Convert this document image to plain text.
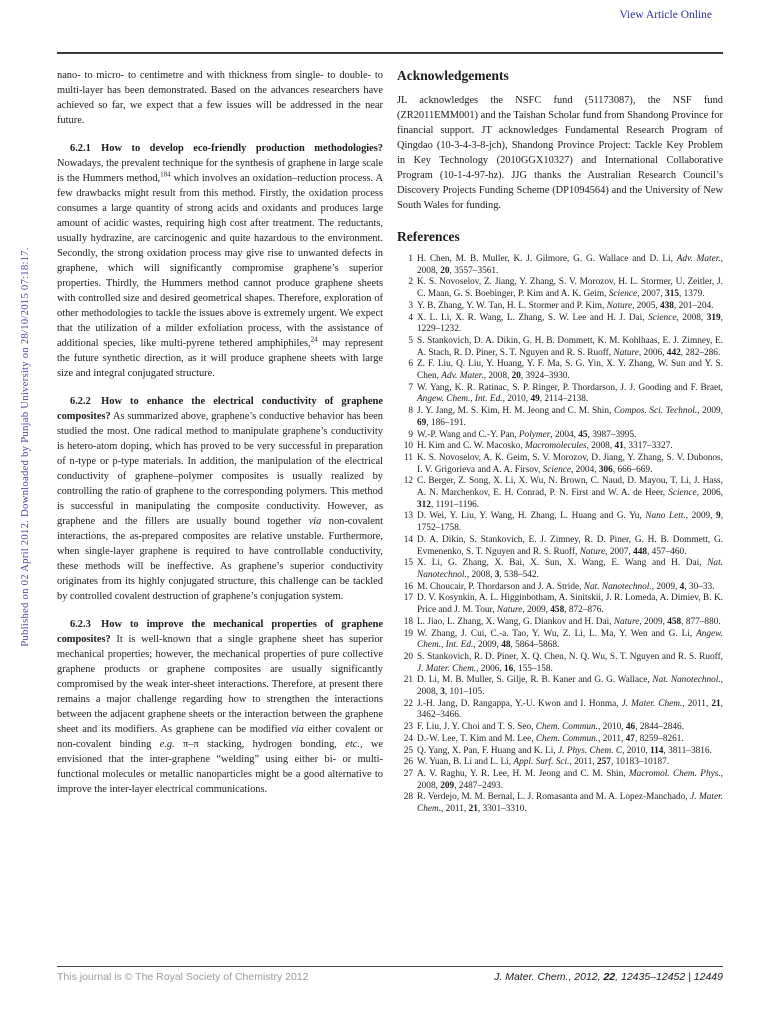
Published on 02 April 2012. Downloaded by Punjab University on 28/10/2015 07:18:17.
View Article Online

nano- to micro- to centimetre and with thickness from single- to double- to multi-layer has been demonstrated. Based on the advances researchers have achieved so far, we expect that a few issues will be addressed in the near future.

6.2.1 How to develop eco-friendly production methodologies? Nowadays, the prevalent technique for the synthesis of graphene in large scale is the Hummers method,$^{184}$ which involves an oxidation–reduction process. A few drawbacks might result from this method. Firstly, the oxidation process consumes a large quantity of strong acids and oxidants and produces large amount of acidic wastes, requiring high cost after treatment. The reductants, usually hydrazine, are carcinogenic and quite hazardous to the environment. Secondly, the strong oxidation process may give rise to unwanted defects in graphene, which will significantly compromise graphene’s superior properties. Thirdly, the Hummers method cannot produce graphene sheets with controlled size and desired geometrical shapes. Therefore, exploration of other methodologies to tackle the issues above is extremely urgent. We expect that the utilization of a milder exfoliation process, with the assistance of additional species, like multi-pyrene tethered amphiphiles,$^{24}$ may represent the future synthetic direction, as it will produce graphene sheets with large size and integral conjugated structure.

6.2.2 How to enhance the electrical conductivity of graphene composites? As summarized above, graphene’s conductive behavior has been studied the most. One radical method to manipulate graphene’s conductivity is hetero-atom doping, which has proved to be very successful in preparation of n-type or p-type materials. In addition, the manipulation of the electrical conductivity of graphene–polymer composites is usually realized by controlling the ratio of graphene to the corresponding polymers. This method is successful in manipulating the composite conductivity. However, as graphene and the fillers are usually bound together via non-covalent interactions, the as-prepared composites are relative unstable. Furthermore, when single-layer graphene is required to have controllable conductivity, these methods will be ineffective. As graphene’s superior conductivity originates from its highly conjugated structure, this challenge can be tackled by controlled covalent destruction of graphene’s conjugation system.

6.2.3 How to improve the mechanical properties of graphene composites? It is well-known that a single graphene sheet has superior mechanical properties; however, the mechanical properties of pure collective graphene products or graphene composites are usually significantly compromised by the weak inter-sheet interactions. Therefore, at present there remains a major challenge regarding how to strengthen the interactions between the adjacent graphene sheets or the interaction between the graphene sheet and its modifiers. As graphene can be modified via either covalent or non-covalent binding e.g. π–π stacking, hydrogen bonding, etc., we envisioned that the inter-graphene “welding” using either bi- or multi-functional molecules or metallic nanoparticles might be a good alternative to improve the inter-layer electrical communications.

Acknowledgements

JL acknowledges the NSFC fund (51173087), the NSF fund (ZR2011EMM001) and the Taishan Scholar fund from Shandong Province for financial support. JT acknowledges Fundamental Research Program of Qingdao (10-3-4-3-8-jch), Shandong Province Project: Tackle Key Problem in Key Technology (2010GGX10327) and International Collaborative Program (10-1-4-97-hz). JJG thanks the Australian Research Council’s Discovery Projects Funding Scheme (DP1094564) and the University of New South Wales for funding.

References
1 H. Chen, M. B. Muller, K. J. Gilmore, G. G. Wallace and D. Li, Adv. Mater., 2008, 20, 3557–3561.
2 K. S. Novoselov, Z. Jiang, Y. Zhang, S. V. Morozov, H. L. Stormer, U. Zeitler, J. C. Maan, G. S. Boebinger, P. Kim and A. K. Geim, Science, 2007, 315, 1379.
3 Y. B. Zhang, Y. W. Tan, H. L. Stormer and P. Kim, Nature, 2005, 438, 201–204.
4 X. L. Li, X. R. Wang, L. Zhang, S. W. Lee and H. J. Dai, Science, 2008, 319, 1229–1232.
5 S. Stankovich, D. A. Dikin, G. H. B. Dommett, K. M. Kohlhaas, E. J. Zimney, E. A. Stach, R. D. Piner, S. T. Nguyen and R. S. Ruoff, Nature, 2006, 442, 282–286.
6 Z. F. Liu, Q. Liu, Y. Huang, Y. F. Ma, S. G. Yin, X. Y. Zhang, W. Sun and Y. S. Chen, Adv. Mater., 2008, 20, 3924–3930.
7 W. Yang, K. R. Ratinac, S. P. Ringer, P. Thordarson, J. J. Gooding and F. Braet, Angew. Chem., Int. Ed., 2010, 49, 2114–2138.
8 J. Y. Jang, M. S. Kim, H. M. Jeong and C. M. Shin, Compos. Sci. Technol., 2009, 69, 186–191.
9 W.-P. Wang and C.-Y. Pan, Polymer, 2004, 45, 3987–3995.
10 H. Kim and C. W. Macosko, Macromolecules, 2008, 41, 3317–3327.
11 K. S. Novoselov, A. K. Geim, S. V. Morozov, D. Jiang, Y. Zhang, S. V. Dubonos, I. V. Grigorieva and A. A. Firsov, Science, 2004, 306, 666–669.
12 C. Berger, Z. Song, X. Li, X. Wu, N. Brown, C. Naud, D. Mayou, T. Li, J. Hass, A. N. Marchenkov, E. H. Conrad, P. N. First and W. A. de Heer, Science, 2006, 312, 1191–1196.
13 D. Wei, Y. Liu, Y. Wang, H. Zhang, L. Huang and G. Yu, Nano Lett., 2009, 9, 1752–1758.
14 D. A. Dikin, S. Stankovich, E. J. Zimney, R. D. Piner, G. H. B. Dommett, G. Evmenenko, S. T. Nguyen and R. S. Ruoff, Nature, 2007, 448, 457–460.
15 X. Li, G. Zhang, X. Bai, X. Sun, X. Wang, E. Wang and H. Dai, Nat. Nanotechnol., 2008, 3, 538–542.
16 M. Choucair, P. Thordarson and J. A. Stride, Nat. Nanotechnol., 2009, 4, 30–33.
17 D. V. Kosynkin, A. L. Higginbotham, A. Sinitskii, J. R. Lomeda, A. Dimiev, B. K. Price and J. M. Tour, Nature, 2009, 458, 872–876.
18 L. Jiao, L. Zhang, X. Wang, G. Diankov and H. Dai, Nature, 2009, 458, 877–880.
19 W. Zhang, J. Cui, C.-a. Tao, Y. Wu, Z. Li, L. Ma, Y. Wen and G. Li, Angew. Chem., Int. Ed., 2009, 48, 5864–5868.
20 S. Stankovich, R. D. Piner, X. Q. Chen, N. Q. Wu, S. T. Nguyen and R. S. Ruoff, J. Mater. Chem., 2006, 16, 155–158.
21 D. Li, M. B. Muller, S. Gilje, R. B. Kaner and G. G. Wallace, Nat. Nanotechnol., 2008, 3, 101–105.
22 J.-H. Jang, D. Rangappa, Y.-U. Kwon and I. Honma, J. Mater. Chem., 2011, 21, 3462–3466.
23 F. Liu, J. Y. Choi and T. S. Seo, Chem. Commun., 2010, 46, 2844–2846.
24 D.-W. Lee, T. Kim and M. Lee, Chem. Commun., 2011, 47, 8259–8261.
25 Q. Yang, X. Pan, F. Huang and K. Li, J. Phys. Chem. C, 2010, 114, 3811–3816.
26 W. Yuan, B. Li and L. Li, Appl. Surf. Sci., 2011, 257, 10183–10187.
27 A. V. Raghu, Y. R. Lee, H. M. Jeong and C. M. Shin, Macromol. Chem. Phys., 2008, 209, 2487–2493.
28 R. Verdejo, M. M. Bernal, L. J. Romasanta and M. A. Lopez-Manchado, J. Mater. Chem., 2011, 21, 3301–3310.
This journal is © The Royal Society of Chemistry 2012	J. Mater. Chem., 2012, 22, 12435–12452 | 12449
